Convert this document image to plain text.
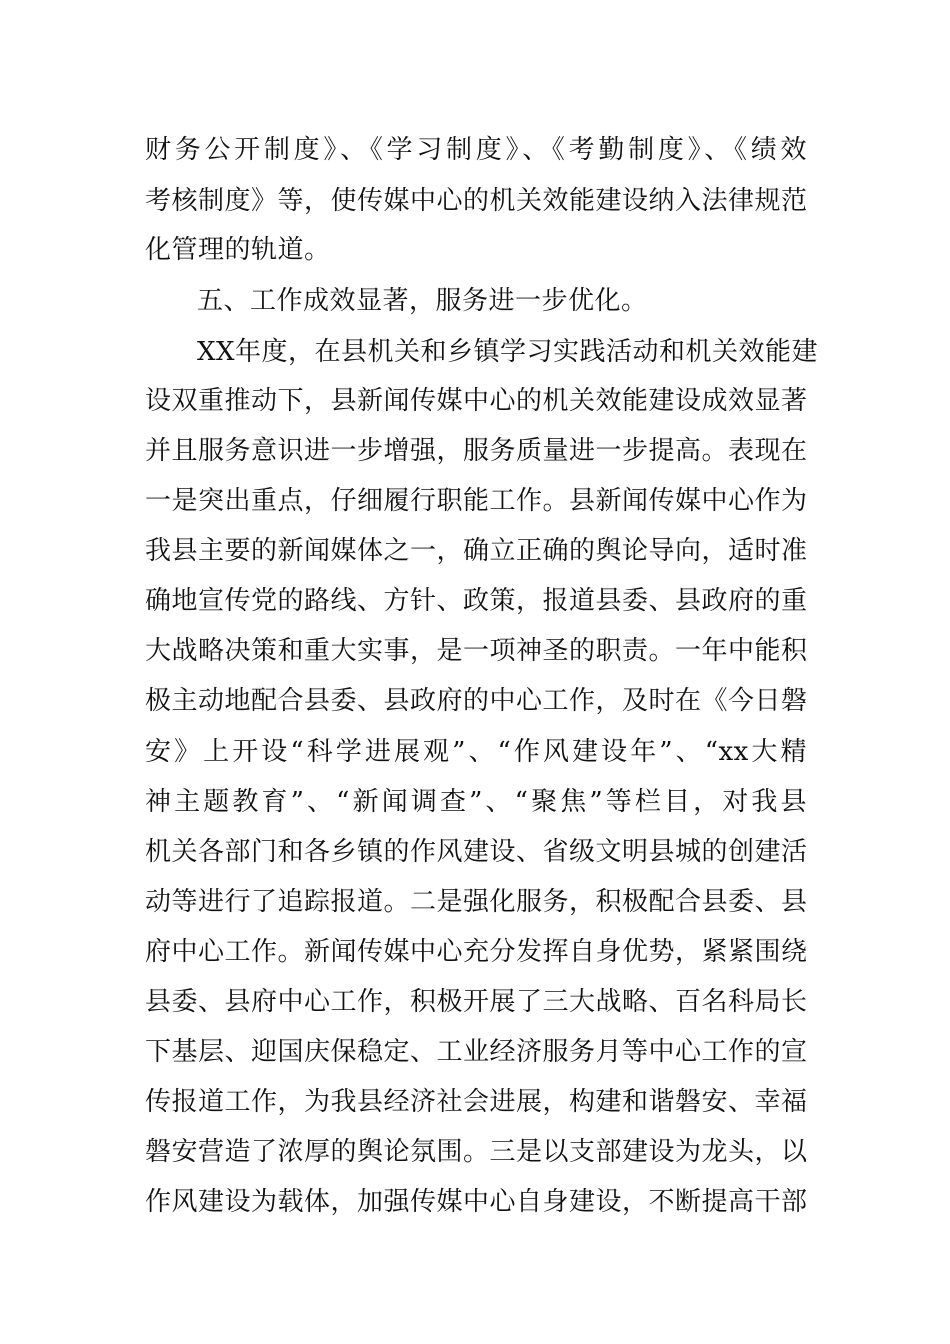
财务公开制度》、《学习制度》、《考勤制度》、《绩效
考核制度》等，使传媒中心的机关效能建设纳入法律规范
化管理的轨道。
五、工作成效显著，服务进一步优化。
XX年度，在县机关和乡镇学习实践活动和机关效能建
设双重推动下，县新闻传媒中心的机关效能建设成效显著
并且服务意识进一步增强，服务质量进一步提高。表现在
一是突出重点，仔细履行职能工作。县新闻传媒中心作为
我县主要的新闻媒体之一，确立正确的舆论导向，适时准
确地宣传党的路线、方针、政策，报道县委、县政府的重
大战略决策和重大实事，是一项神圣的职责。一年中能积
极主动地配合县委、县政府的中心工作，及时在《今日磐
安》上开设“科学进展观”、“作风建设年”、“xx大精
神主题教育”、“新闻调查”、“聚焦”等栏目，对我县
机关各部门和各乡镇的作风建设、省级文明县城的创建活
动等进行了追踪报道。二是强化服务，积极配合县委、县
府中心工作。新闻传媒中心充分发挥自身优势，紧紧围绕
县委、县府中心工作，积极开展了三大战略、百名科局长
下基层、迎国庆保稳定、工业经济服务月等中心工作的宣
传报道工作，为我县经济社会进展，构建和谐磐安、幸福
磐安营造了浓厚的舆论氛围。三是以支部建设为龙头，以
作风建设为载体，加强传媒中心自身建设，不断提高干部
